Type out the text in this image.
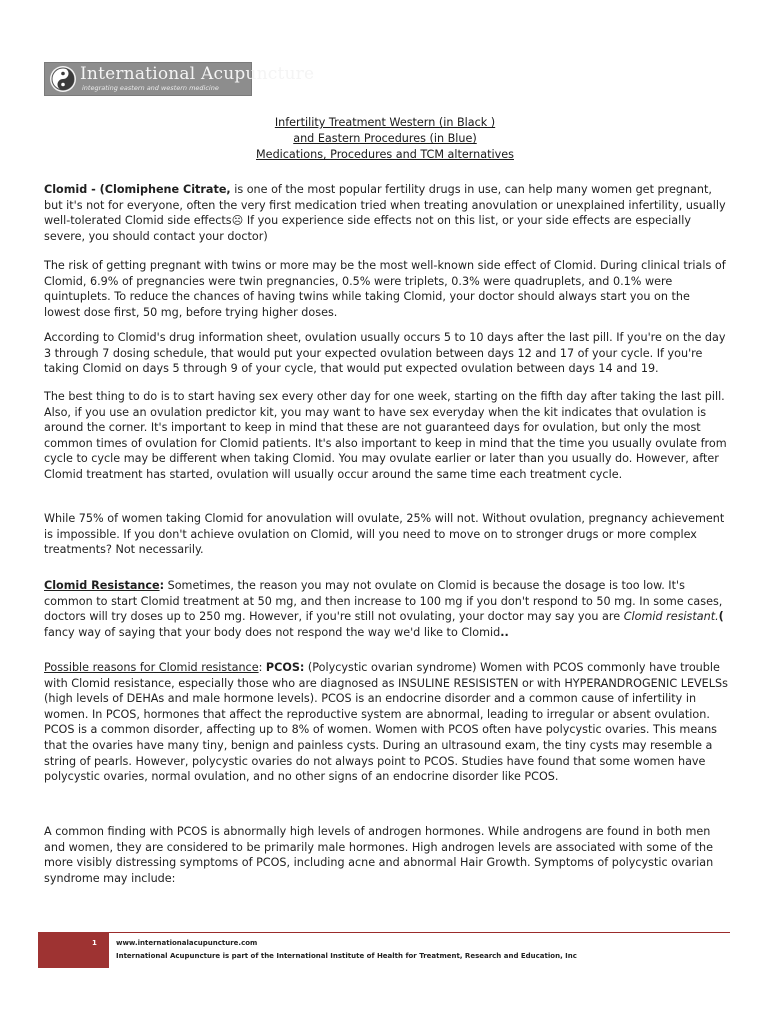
International Acupuncture
integrating eastern and western medicine
Infertility Treatment Western (in Black )
and Eastern Procedures (in Blue)
Medications, Procedures and TCM alternatives
Clomid - (Clomiphene Citrate, is one of the most popular fertility drugs in use, can help many women get pregnant, but it's not for everyone, often the very first medication tried when treating anovulation or unexplained infertility, usually well-tolerated Clomid side effects☹ If you experience side effects not on this list, or your side effects are especially severe, you should contact your doctor)
The risk of getting pregnant with twins or more may be the most well-known side effect of Clomid. During clinical trials of Clomid, 6.9% of pregnancies were twin pregnancies, 0.5% were triplets, 0.3% were quadruplets, and 0.1% were quintuplets. To reduce the chances of having twins while taking Clomid, your doctor should always start you on the lowest dose first, 50 mg, before trying higher doses.
According to Clomid's drug information sheet, ovulation usually occurs 5 to 10 days after the last pill. If you're on the day 3 through 7 dosing schedule, that would put your expected ovulation between days 12 and 17 of your cycle. If you're taking Clomid on days 5 through 9 of your cycle, that would put expected ovulation between days 14 and 19.
The best thing to do is to start having sex every other day for one week, starting on the fifth day after taking the last pill. Also, if you use an ovulation predictor kit, you may want to have sex everyday when the kit indicates that ovulation is around the corner. It's important to keep in mind that these are not guaranteed days for ovulation, but only the most common times of ovulation for Clomid patients. It's also important to keep in mind that the time you usually ovulate from cycle to cycle may be different when taking Clomid. You may ovulate earlier or later than you usually do. However, after Clomid treatment has started, ovulation will usually occur around the same time each treatment cycle.
While 75% of women taking Clomid for anovulation will ovulate, 25% will not. Without ovulation, pregnancy achievement is impossible. If you don't achieve ovulation on Clomid, will you need to move on to stronger drugs or more complex treatments? Not necessarily.
Clomid Resistance: Sometimes, the reason you may not ovulate on Clomid is because the dosage is too low. It's common to start Clomid treatment at 50 mg, and then increase to 100 mg if you don't respond to 50 mg. In some cases, doctors will try doses up to 250 mg. However, if you're still not ovulating, your doctor may say you are Clomid resistant.( fancy way of saying that your body does not respond the way we'd like to Clomid..
Possible reasons for Clomid resistance: PCOS: (Polycystic ovarian syndrome) Women with PCOS commonly have trouble with Clomid resistance, especially those who are diagnosed as INSULINE RESISISTEN or with HYPERANDROGENIC LEVELSs (high levels of DEHAs and male hormone levels). PCOS is an endocrine disorder and a common cause of infertility in women. In PCOS, hormones that affect the reproductive system are abnormal, leading to irregular or absent ovulation. PCOS is a common disorder, affecting up to 8% of women. Women with PCOS often have polycystic ovaries. This means that the ovaries have many tiny, benign and painless cysts. During an ultrasound exam, the tiny cysts may resemble a string of pearls. However, polycystic ovaries do not always point to PCOS. Studies have found that some women have polycystic ovaries, normal ovulation, and no other signs of an endocrine disorder like PCOS.
A common finding with PCOS is abnormally high levels of androgen hormones. While androgens are found in both men and women, they are considered to be primarily male hormones. High androgen levels are associated with some of the more visibly distressing symptoms of PCOS, including acne and abnormal Hair Growth. Symptoms of polycystic ovarian syndrome may include:
1	www.internationalacupuncture.com
International Acupuncture is part of the International Institute of Health for Treatment, Research and Education, Inc
